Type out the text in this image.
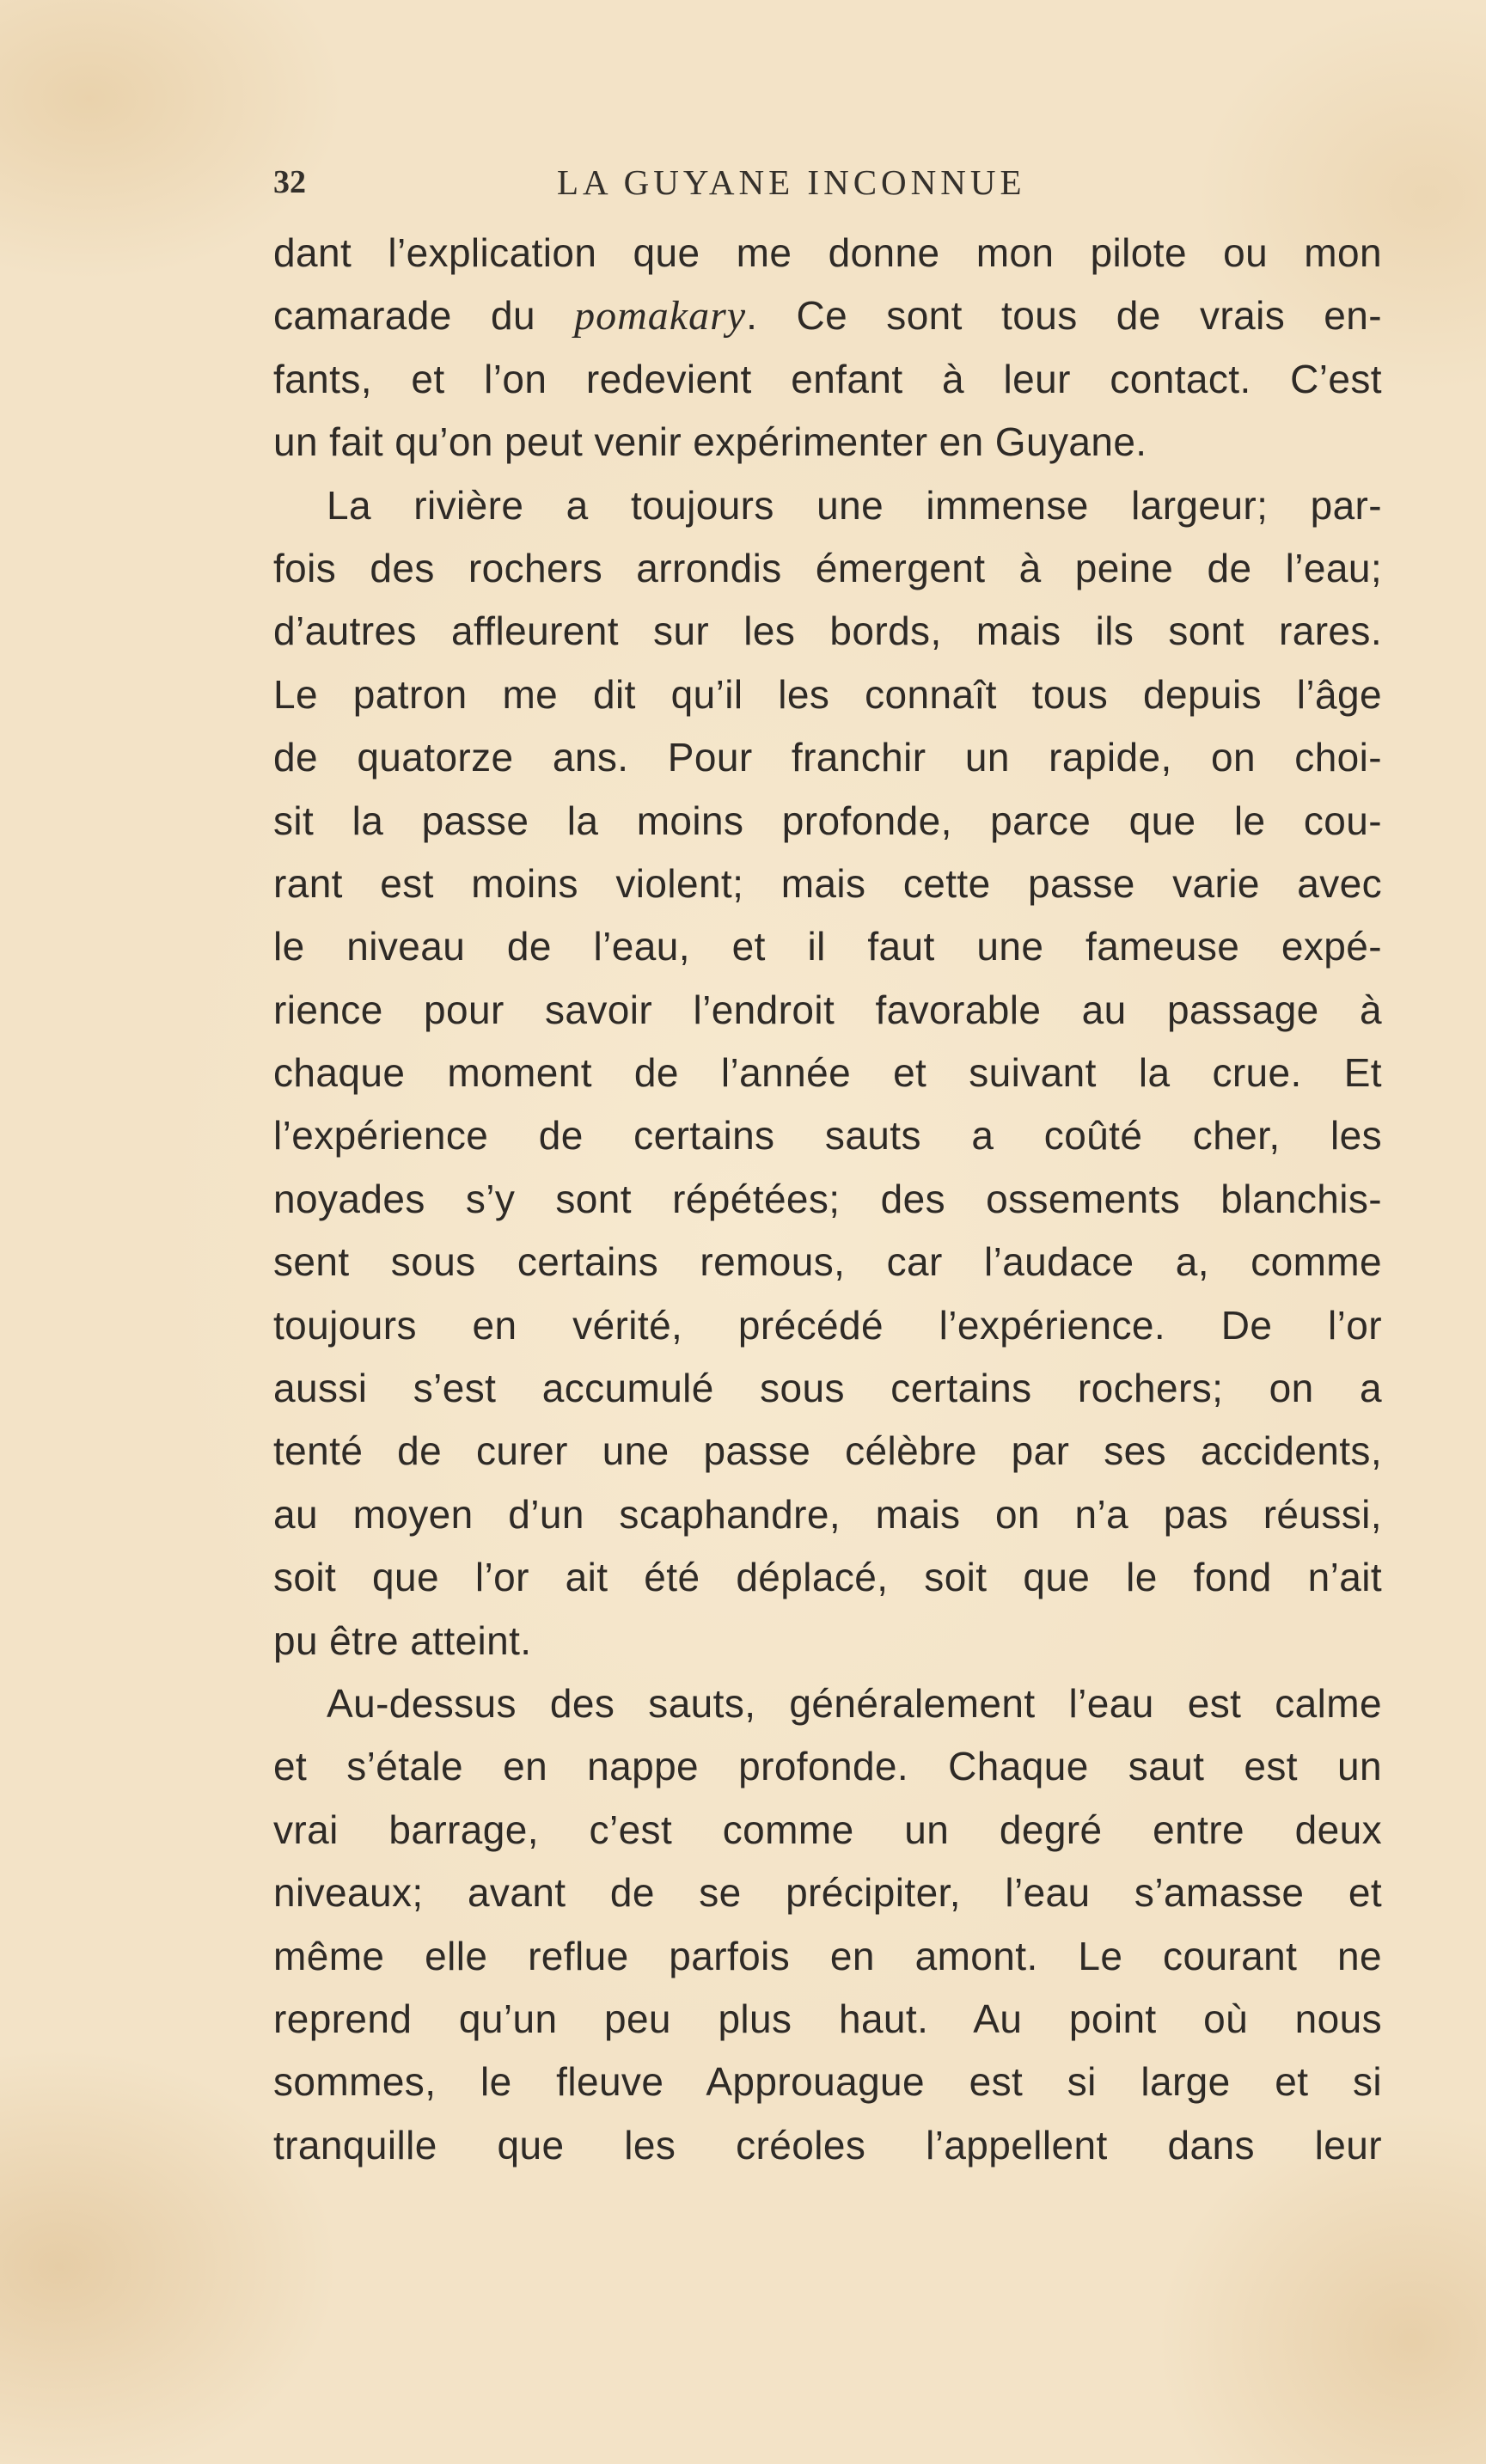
32	LA GUYANE INCONNUE
dant l’explication que me donne mon pilote ou mon
camarade du pomakary. Ce sont tous de vrais en-
fants, et l’on redevient enfant à leur contact. C’est
un fait qu’on peut venir expérimenter en Guyane.
La rivière a toujours une immense largeur; par-
fois des rochers arrondis émergent à peine de l’eau;
d’autres affleurent sur les bords, mais ils sont rares.
Le patron me dit qu’il les connaît tous depuis l’âge
de quatorze ans. Pour franchir un rapide, on choi-
sit la passe la moins profonde, parce que le cou-
rant est moins violent; mais cette passe varie avec
le niveau de l’eau, et il faut une fameuse expé-
rience pour savoir l’endroit favorable au passage à
chaque moment de l’année et suivant la crue. Et
l’expérience de certains sauts a coûté cher, les
noyades s’y sont répétées; des ossements blanchis-
sent sous certains remous, car l’audace a, comme
toujours en vérité, précédé l’expérience. De l’or
aussi s’est accumulé sous certains rochers; on a
tenté de curer une passe célèbre par ses accidents,
au moyen d’un scaphandre, mais on n’a pas réussi,
soit que l’or ait été déplacé, soit que le fond n’ait
pu être atteint.
Au-dessus des sauts, généralement l’eau est calme
et s’étale en nappe profonde. Chaque saut est un
vrai barrage, c’est comme un degré entre deux
niveaux; avant de se précipiter, l’eau s’amasse et
même elle reflue parfois en amont. Le courant ne
reprend qu’un peu plus haut. Au point où nous
sommes, le fleuve Approuague est si large et si
tranquille que les créoles l’appellent dans leur
